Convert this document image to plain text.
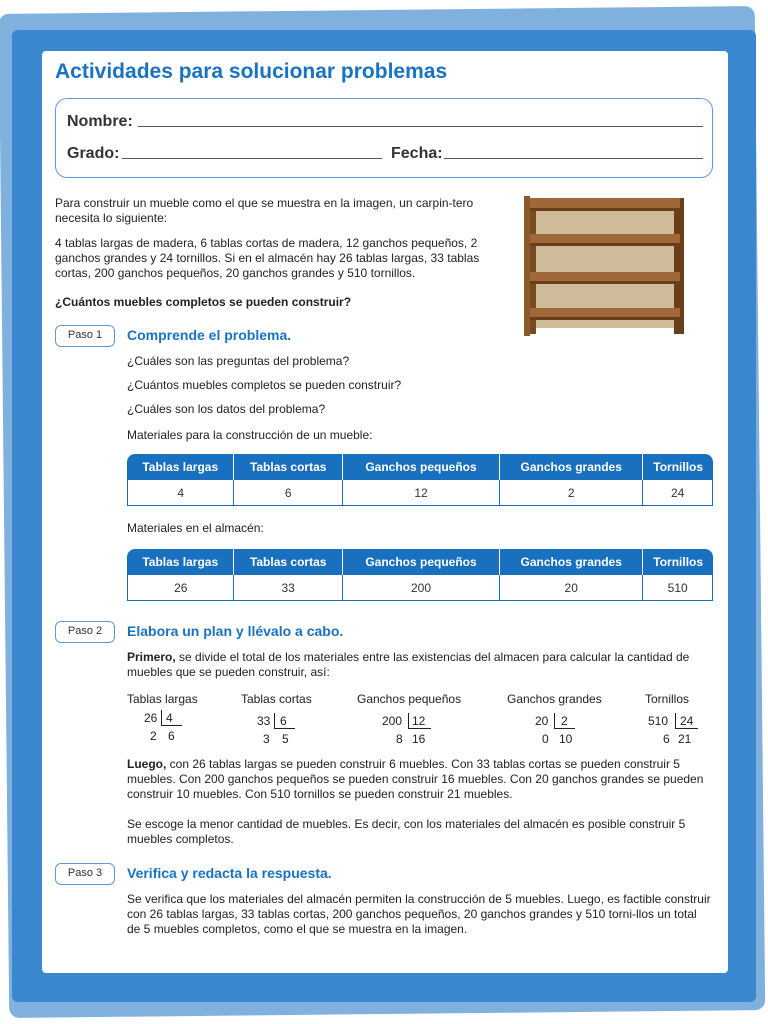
Actividades para solucionar problemas
Nombre:
Grado:	Fecha:

Para construir un mueble como el que se muestra en la imagen, un carpin-tero necesita lo siguiente:

4 tablas largas de madera, 6 tablas cortas de madera, 12 ganchos pequeños, 2 ganchos grandes y 24 tornillos. Si en el almacén hay 26 tablas largas, 33 tablas cortas, 200 ganchos pequeños, 20 ganchos grandes y 510 tornillos.

¿Cuántos muebles completos se pueden construir?

Paso 1	Comprende el problema.

¿Cuáles son las preguntas del problema?

¿Cuántos muebles completos se pueden construir?

¿Cuáles son los datos del problema?

Materiales para la construcción de un mueble:

Tablas largas	Tablas cortas	Ganchos pequeños	Ganchos grandes	Tornillos
4	6	12	2	24

Materiales en el almacén:

Tablas largas	Tablas cortas	Ganchos pequeños	Ganchos grandes	Tornillos
26	33	200	20	510
Paso 2	Elabora un plan y llévalo a cabo.

Primero, se divide el total de los materiales entre las existencias del almacen para calcular la cantidad de muebles que se pueden construir, así:

Tablas largas
26 4
2 6
Tablas cortas
33 6
3 5
Ganchos pequeños
200 12
8 16
Ganchos grandes
20 2
0 10
Tornillos
510 24
6 21

Luego, con 26 tablas largas se pueden construir 6 muebles. Con 33 tablas cortas se pueden construir 5 muebles. Con 200 ganchos pequeños se pueden construir 16 muebles. Con 20 ganchos grandes se pueden construir 10 muebles. Con 510 tornillos se pueden construir 21 muebles.

Se escoge la menor cantidad de muebles. Es decir, con los materiales del almacén es posible construir 5 muebles completos.

Paso 3	Verifica y redacta la respuesta.

Se verifica que los materiales del almacén permiten la construcción de 5 muebles. Luego, es factible construir con 26 tablas largas, 33 tablas cortas, 200 ganchos pequeños, 20 ganchos grandes y 510 torni-llos un total de 5 muebles completos, como el que se muestra en la imagen.
